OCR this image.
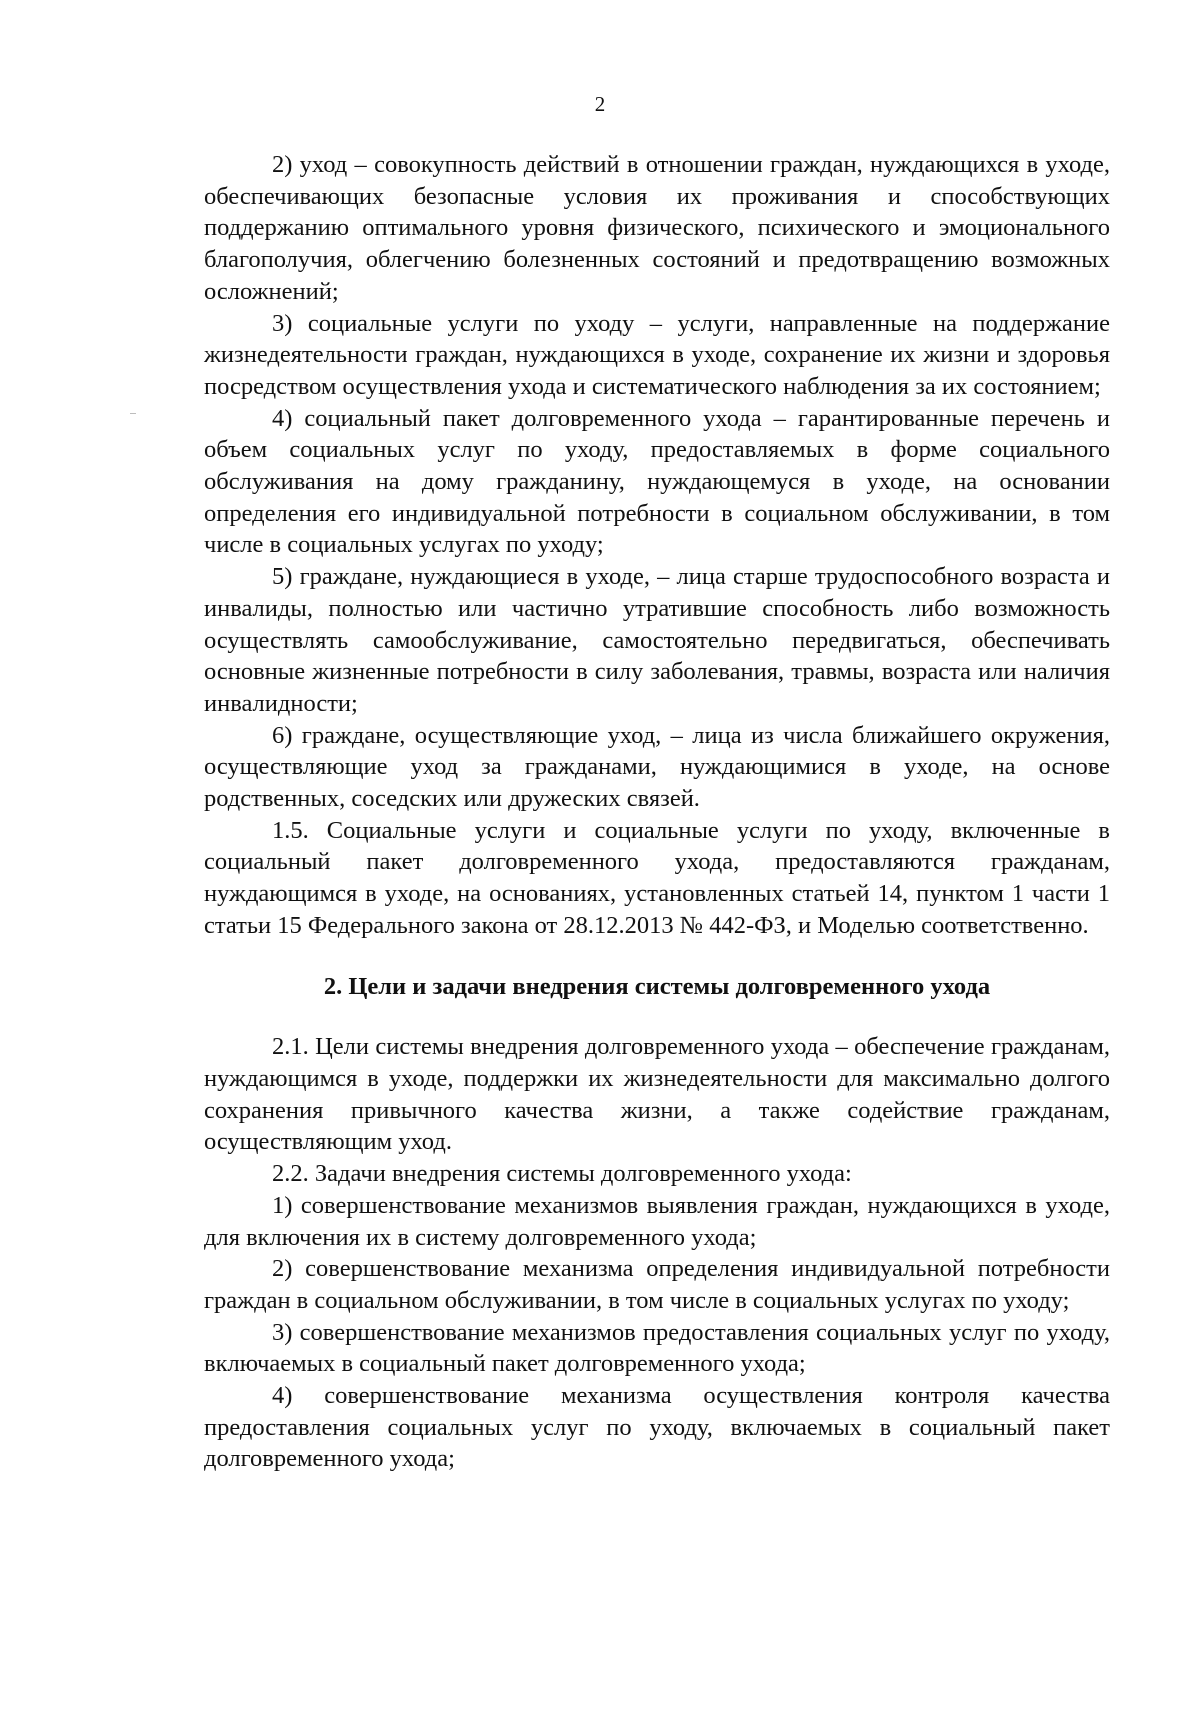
2

2) уход – совокупность действий в отношении граждан, нуждающихся в уходе, обеспечивающих безопасные условия их проживания и способствующих поддержанию оптимального уровня физического, психического и эмоционального благополучия, облегчению болезненных состояний и предотвращению возможных осложнений;

3) социальные услуги по уходу – услуги, направленные на поддержание жизнедеятельности граждан, нуждающихся в уходе, сохранение их жизни и здоровья посредством осуществления ухода и систематического наблюдения за их состоянием;

4) социальный пакет долговременного ухода – гарантированные перечень и объем социальных услуг по уходу, предоставляемых в форме социального обслуживания на дому гражданину, нуждающемуся в уходе, на основании определения его индивидуальной потребности в социальном обслуживании, в том числе в социальных услугах по уходу;

5) граждане, нуждающиеся в уходе, – лица старше трудоспособного возраста и инвалиды, полностью или частично утратившие способность либо возможность осуществлять самообслуживание, самостоятельно передвигаться, обеспечивать основные жизненные потребности в силу заболевания, травмы, возраста или наличия инвалидности;

6) граждане, осуществляющие уход, – лица из числа ближайшего окружения, осуществляющие уход за гражданами, нуждающимися в уходе, на основе родственных, соседских или дружеских связей.

1.5. Социальные услуги и социальные услуги по уходу, включенные в социальный пакет долговременного ухода, предоставляются гражданам, нуждающимся в уходе, на основаниях, установленных статьей 14, пунктом 1 части 1 статьи 15 Федерального закона от 28.12.2013 № 442-ФЗ, и Моделью соответственно.

2. Цели и задачи внедрения системы долговременного ухода

2.1. Цели системы внедрения долговременного ухода – обеспечение гражданам, нуждающимся в уходе, поддержки их жизнедеятельности для максимально долгого сохранения привычного качества жизни, а также содействие гражданам, осуществляющим уход.

2.2. Задачи внедрения системы долговременного ухода:

1) совершенствование механизмов выявления граждан, нуждающихся в уходе, для включения их в систему долговременного ухода;

2) совершенствование механизма определения индивидуальной потребности граждан в социальном обслуживании, в том числе в социальных услугах по уходу;

3) совершенствование механизмов предоставления социальных услуг по уходу, включаемых в социальный пакет долговременного ухода;

4) совершенствование механизма осуществления контроля качества предоставления социальных услуг по уходу, включаемых в социальный пакет долговременного ухода;
